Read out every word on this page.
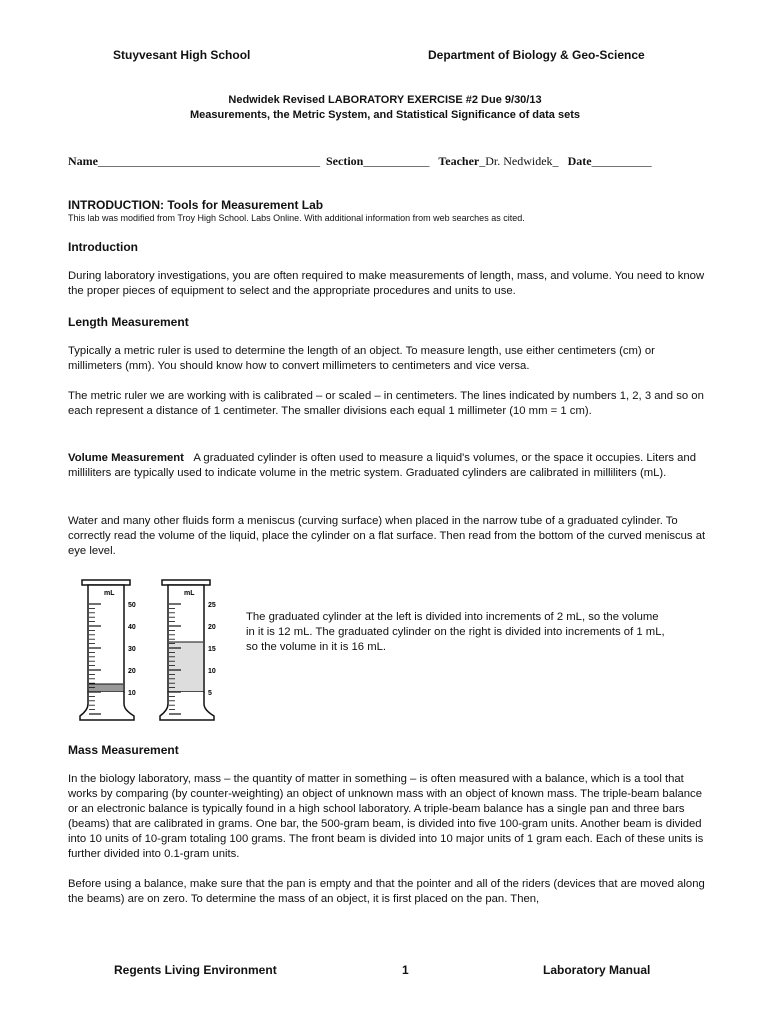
Stuyvesant High School	Department of Biology & Geo-Science
Nedwidek Revised LABORATORY EXERCISE #2 Due 9/30/13
Measurements, the Metric System, and Statistical Significance of data sets
Name_____________________________________ Section___________ Teacher_Dr. Nedwidek_ Date__________
INTRODUCTION: Tools for Measurement Lab
This lab was modified from Troy High School. Labs Online. With additional information from web searches as cited.
Introduction
During laboratory investigations, you are often required to make measurements of length, mass, and volume. You need to know the proper pieces of equipment to select and the appropriate procedures and units to use.
Length Measurement
Typically a metric ruler is used to determine the length of an object. To measure length, use either centimeters (cm) or millimeters (mm). You should know how to convert millimeters to centimeters and vice versa.
The metric ruler we are working with is calibrated – or scaled – in centimeters. The lines indicated by numbers 1, 2, 3 and so on each represent a distance of 1 centimeter. The smaller divisions each equal 1 millimeter (10 mm = 1 cm).
Volume Measurement A graduated cylinder is often used to measure a liquid's volumes, or the space it occupies. Liters and milliliters are typically used to indicate volume in the metric system. Graduated cylinders are calibrated in milliliters (mL).
Water and many other fluids form a meniscus (curving surface) when placed in the narrow tube of a graduated cylinder. To correctly read the volume of the liquid, place the cylinder on a flat surface. Then read from the bottom of the curved meniscus at eye level.
mL
50
40
30
20
10
mL
25
20
15
10
5
The graduated cylinder at the left is divided into increments of 2 mL, so the volume in it is 12 mL. The graduated cylinder on the right is divided into increments of 1 mL, so the volume in it is 16 mL.
Mass Measurement
In the biology laboratory, mass – the quantity of matter in something – is often measured with a balance, which is a tool that works by comparing (by counter-weighting) an object of unknown mass with an object of known mass. The triple-beam balance or an electronic balance is typically found in a high school laboratory. A triple-beam balance has a single pan and three bars (beams) that are calibrated in grams. One bar, the 500-gram beam, is divided into five 100-gram units. Another beam is divided into 10 units of 10-gram totaling 100 grams. The front beam is divided into 10 major units of 1 gram each. Each of these units is further divided into 0.1-gram units.
Before using a balance, make sure that the pan is empty and that the pointer and all of the riders (devices that are moved along the beams) are on zero. To determine the mass of an object, it is first placed on the pan. Then,
Regents Living Environment	1	Laboratory Manual
